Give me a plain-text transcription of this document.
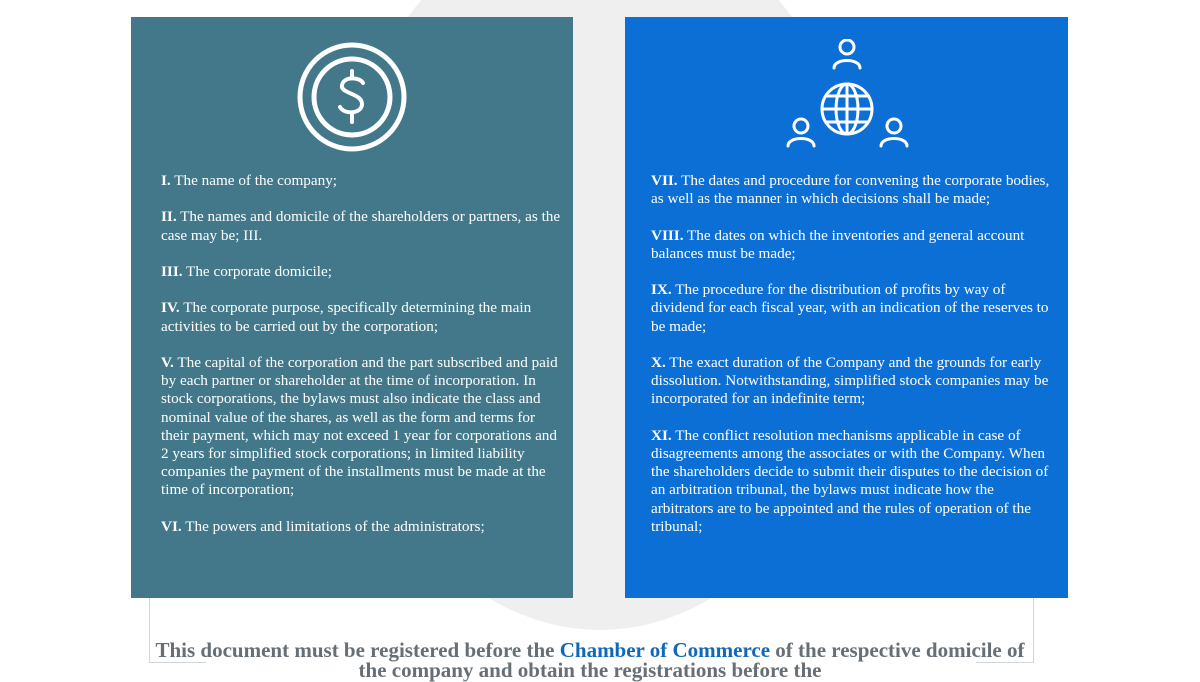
I. The name of the company;

II. The names and domicile of the shareholders or partners, as the case may be; III.

III. The corporate domicile;

IV. The corporate purpose, specifically determining the main activities to be carried out by the corporation;

V. The capital of the corporation and the part subscribed and paid by each partner or shareholder at the time of incorporation. In stock corporations, the bylaws must also indicate the class and nominal value of the shares, as well as the form and terms for their payment, which may not exceed 1 year for corporations and 2 years for simplified stock corporations; in limited liability companies the payment of the installments must be made at the time of incorporation;

VI. The powers and limitations of the administrators;

VII. The dates and procedure for convening the corporate bodies, as well as the manner in which decisions shall be made;

VIII. The dates on which the inventories and general account balances must be made;

IX. The procedure for the distribution of profits by way of dividend for each fiscal year, with an indication of the reserves to be made;

X. The exact duration of the Company and the grounds for early dissolution. Notwithstanding, simplified stock companies may be incorporated for an indefinite term;

XI. The conflict resolution mechanisms applicable in case of disagreements among the associates or with the Company. When the shareholders decide to submit their disputes to the decision of an arbitration tribunal, the bylaws must indicate how the arbitrators are to be appointed and the rules of operation of the tribunal;

This document must be registered before the Chamber of Commerce of the respective domicile of the company and obtain the registrations before the
